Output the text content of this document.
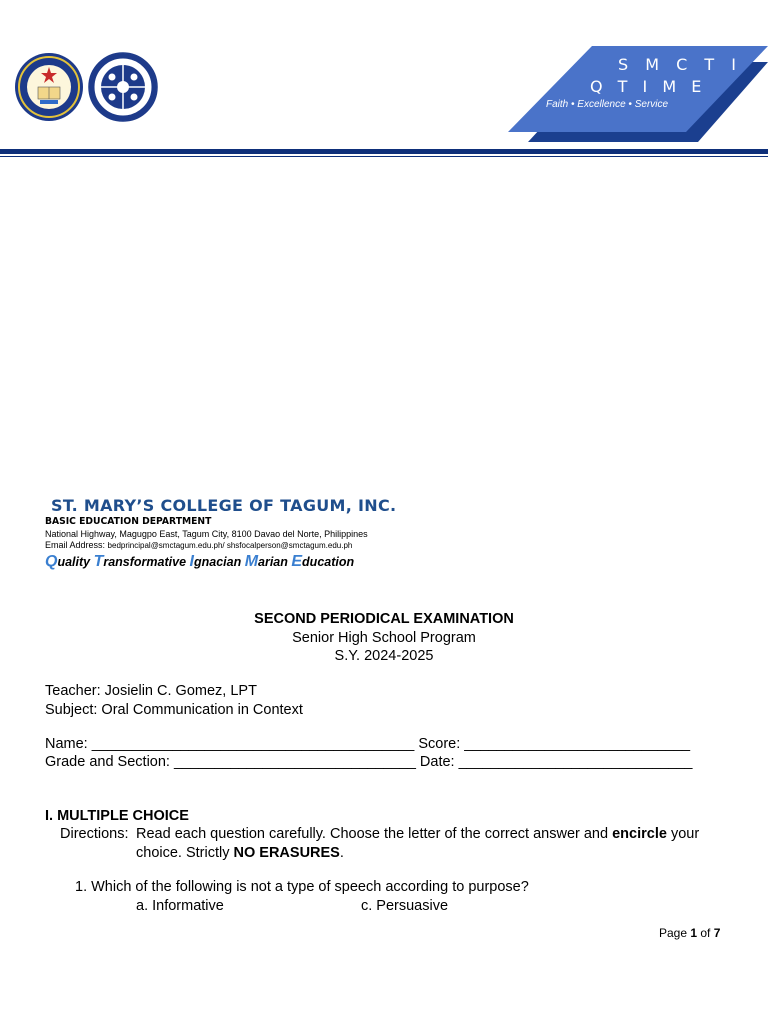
S M C T I
Q T I M E
Faith • Excellence • Service
ST. MARY’S COLLEGE OF TAGUM, INC.
BASIC EDUCATION DEPARTMENT
National Highway, Magugpo East, Tagum City, 8100 Davao del Norte, Philippines
Email Address: bedprincipal@smctagum.edu.ph/ shsfocalperson@smctagum.edu.ph
Quality Transformative Ignacian Marian Education
SECOND PERIODICAL EXAMINATION
Senior High School Program
S.Y. 2024-2025
Teacher: Josielin C. Gomez, LPT
Subject: Oral Communication in Context
Name: ________________________________________ Score: ____________________________
Grade and Section: ______________________________ Date: _____________________________
I. MULTIPLE CHOICE
Directions: Read each question carefully. Choose the letter of the correct answer and encircle your
choice. Strictly NO ERASURES.
1. Which of the following is not a type of speech according to purpose?
a. Informative	c. Persuasive
Page 1 of 7
